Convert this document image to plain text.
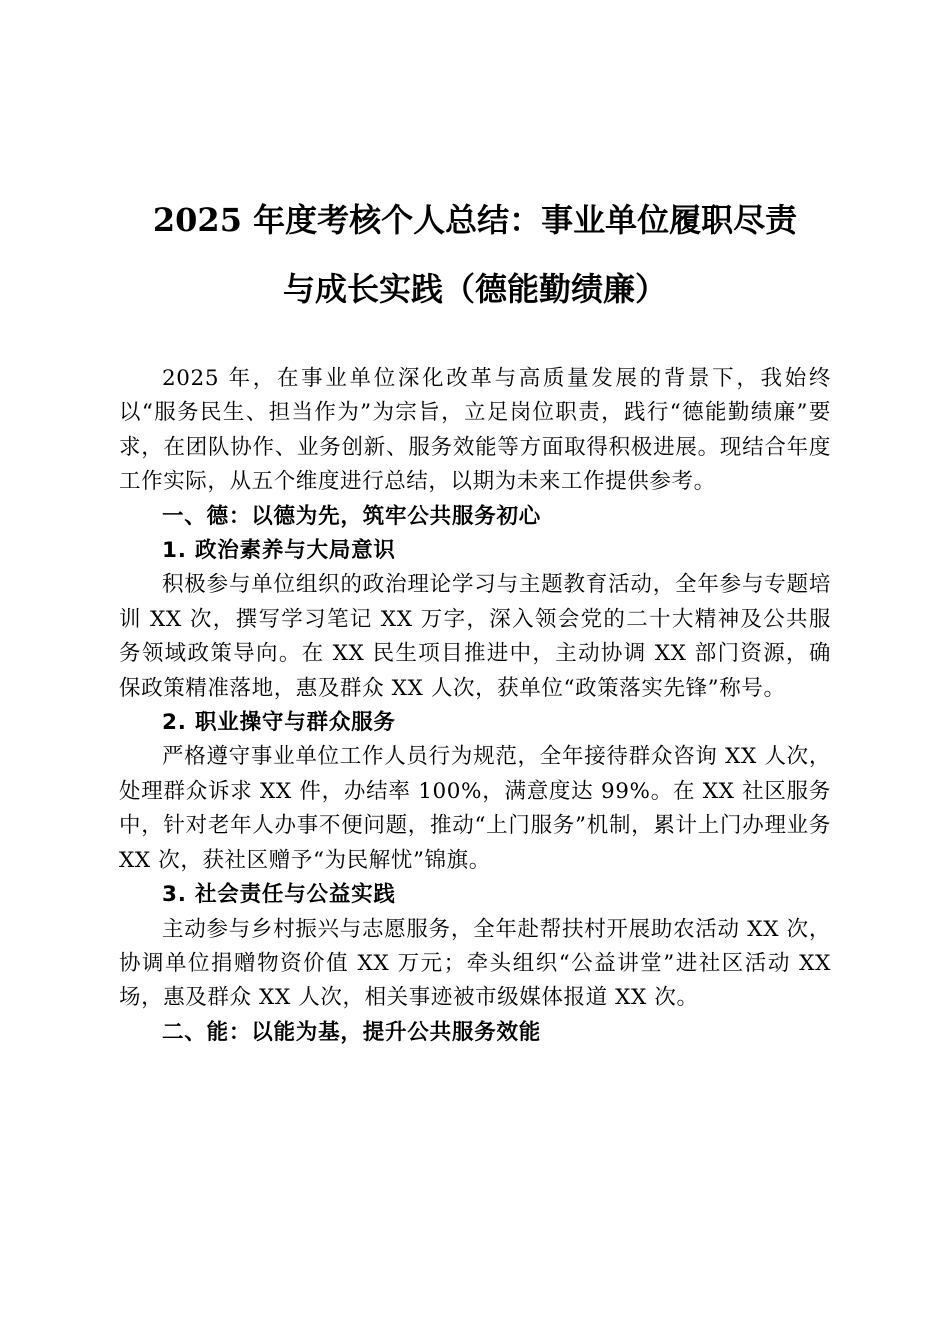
2025 年度考核个人总结：事业单位履职尽责
与成长实践（德能勤绩廉）

2025 年，在事业单位深化改革与高质量发展的背景下，我始终以“服务民生、担当作为”为宗旨，立足岗位职责，践行“德能勤绩廉”要求，在团队协作、业务创新、服务效能等方面取得积极进展。现结合年度工作实际，从五个维度进行总结，以期为未来工作提供参考。

一、德：以德为先，筑牢公共服务初心

1. 政治素养与大局意识

积极参与单位组织的政治理论学习与主题教育活动，全年参与专题培训 XX 次，撰写学习笔记 XX 万字，深入领会党的二十大精神及公共服务领域政策导向。在 XX 民生项目推进中，主动协调 XX 部门资源，确保政策精准落地，惠及群众 XX 人次，获单位“政策落实先锋”称号。

2. 职业操守与群众服务

严格遵守事业单位工作人员行为规范，全年接待群众咨询 XX 人次，处理群众诉求 XX 件，办结率 100%，满意度达 99%。在 XX 社区服务中，针对老年人办事不便问题，推动“上门服务”机制，累计上门办理业务 XX 次，获社区赠予“为民解忧”锦旗。

3. 社会责任与公益实践

主动参与乡村振兴与志愿服务，全年赴帮扶村开展助农活动 XX 次，协调单位捐赠物资价值 XX 万元；牵头组织“公益讲堂”进社区活动 XX 场，惠及群众 XX 人次，相关事迹被市级媒体报道 XX 次。

二、能：以能为基，提升公共服务效能
